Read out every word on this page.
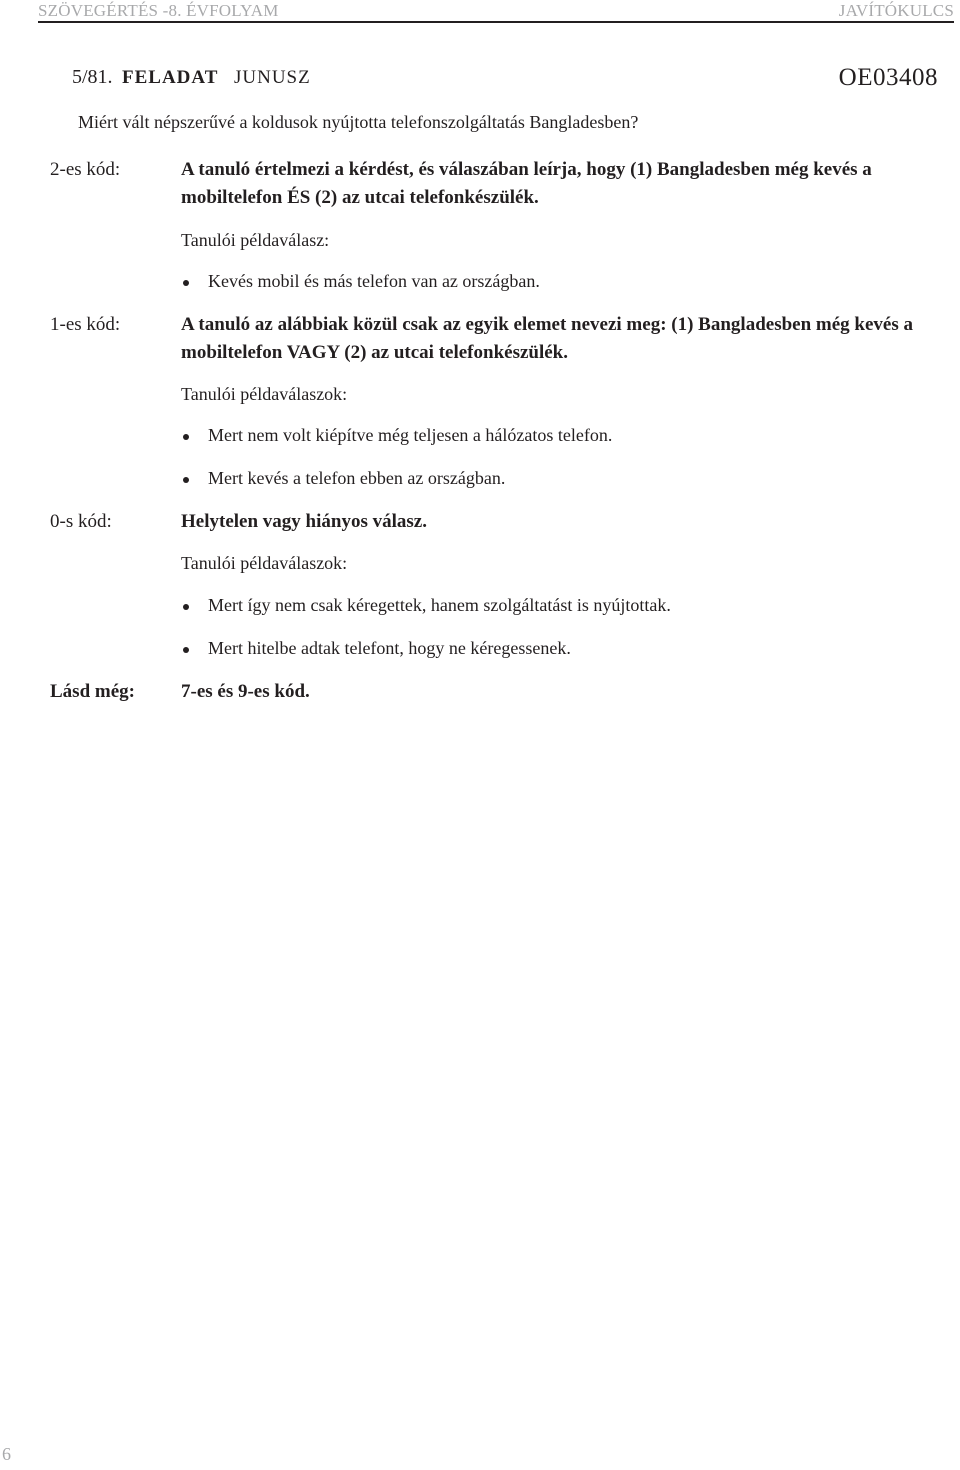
SZÖVEGÉRTÉS -8. ÉVFOLYAM	JAVÍTÓKULCS
5/81. FELADAT JUNUSZ	OE03408
Miért vált népszerűvé a koldusok nyújtotta telefonszolgáltatás Bangladesben?
2-es kód:	A tanuló értelmezi a kérdést, és válaszában leírja, hogy (1) Bangladesben még kevés a mobiltelefon ÉS (2) az utcai telefonkészülék.
Tanulói példaválasz:
Kevés mobil és más telefon van az országban.
1-es kód:	A tanuló az alábbiak közül csak az egyik elemet nevezi meg: (1) Bangladesben még kevés a mobiltelefon VAGY (2) az utcai telefonkészülék.
Tanulói példaválaszok:
Mert nem volt kiépítve még teljesen a hálózatos telefon.
Mert kevés a telefon ebben az országban.
0-s kód:	Helytelen vagy hiányos válasz.
Tanulói példaválaszok:
Mert így nem csak kéregettek, hanem szolgáltatást is nyújtottak.
Mert hitelbe adtak telefont, hogy ne kéregessenek.
Lásd még: 7-es és 9-es kód.
6
